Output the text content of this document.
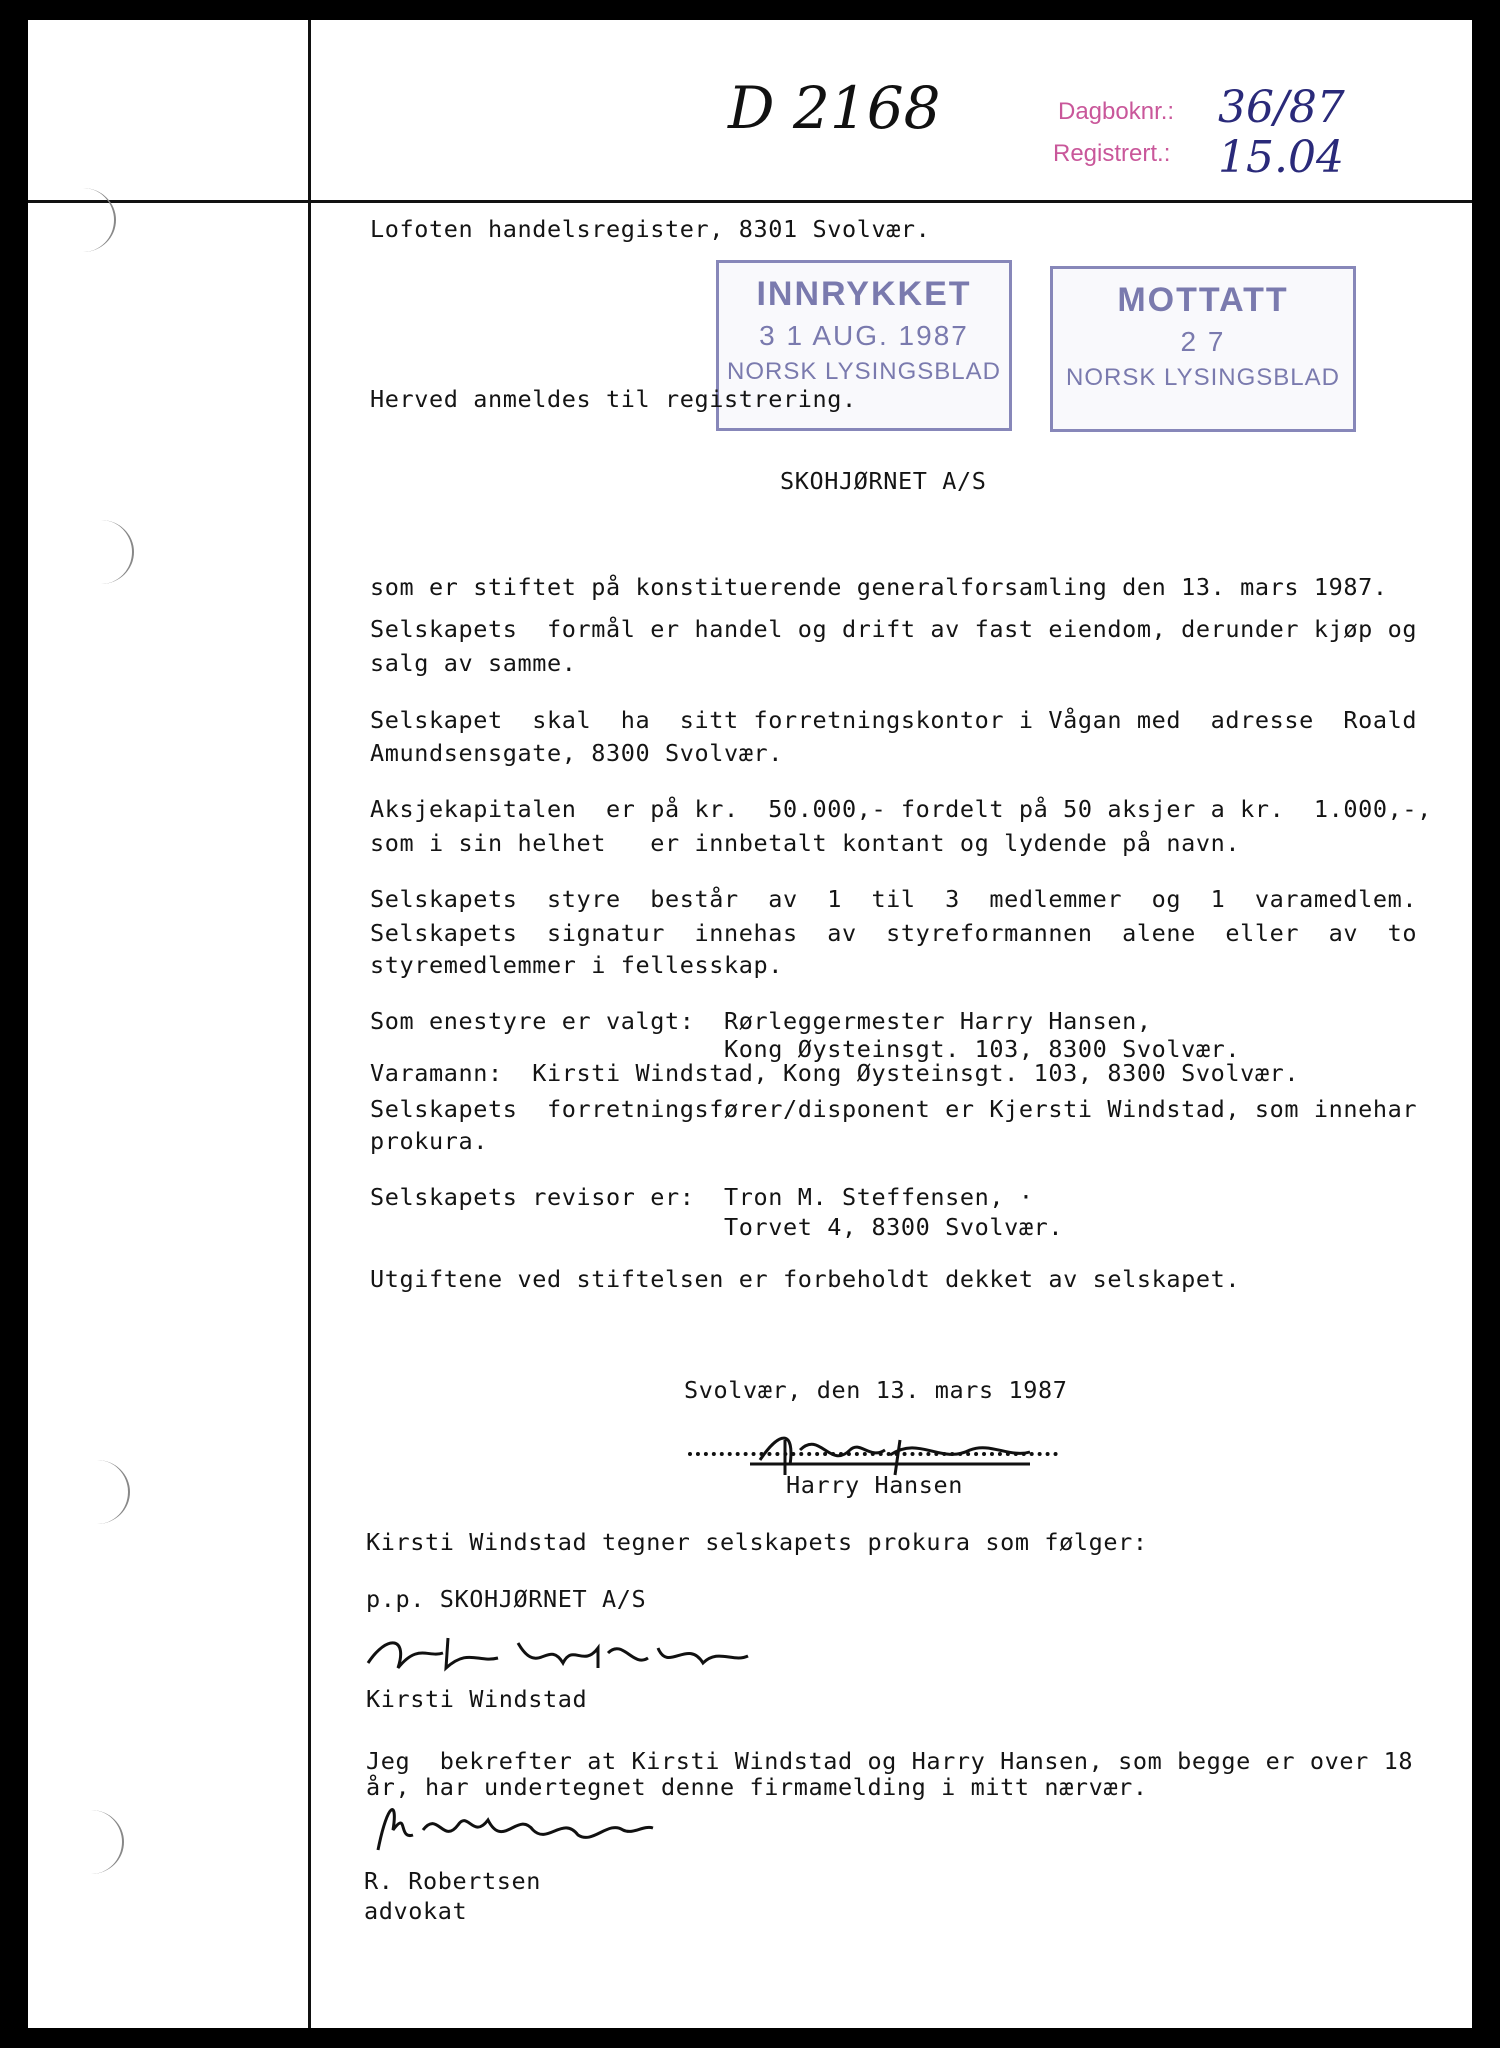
D 2168	Dagboknr.: 36/87
Registrert.: 15.04
INNRYKKET
3 1 AUG. 1987
NORSK LYSINGSBLAD
MOTTATT
2 7
NORSK LYSINGSBLAD
Lofoten handelsregister, 8301 Svolvær.
Herved anmeldes til registrering.
SKOHJØRNET A/S
som er stiftet på konstituerende generalforsamling den 13. mars 1987.
Selskapets  formål er handel og drift av fast eiendom, derunder kjøp og
salg av samme.
Selskapet  skal  ha  sitt forretningskontor i Vågan med  adresse  Roald
Amundsensgate, 8300 Svolvær.
Aksjekapitalen  er på kr.  50.000,- fordelt på 50 aksjer a kr.  1.000,-,
som i sin helhet   er innbetalt kontant og lydende på navn.
Selskapets  styre  består  av  1  til  3  medlemmer  og  1  varamedlem.
Selskapets  signatur  innehas  av  styreformannen  alene  eller  av  to
styremedlemmer i fellesskap.
Som enestyre er valgt:  Rørleggermester Harry Hansen,
Kong Øysteinsgt. 103, 8300 Svolvær.
Varamann:  Kirsti Windstad, Kong Øysteinsgt. 103, 8300 Svolvær.
Selskapets  forretningsfører/disponent er Kjersti Windstad, som innehar
prokura.
Selskapets revisor er:  Tron M. Steffensen, ·
Torvet 4, 8300 Svolvær.
Utgiftene ved stiftelsen er forbeholdt dekket av selskapet.
Svolvær, den 13. mars 1987
Harry Hansen
Kirsti Windstad tegner selskapets prokura som følger:
p.p. SKOHJØRNET A/S
Kirsti Windstad
Jeg  bekrefter at Kirsti Windstad og Harry Hansen, som begge er over 18
år, har undertegnet denne firmamelding i mitt nærvær.
R. Robertsen
advokat
